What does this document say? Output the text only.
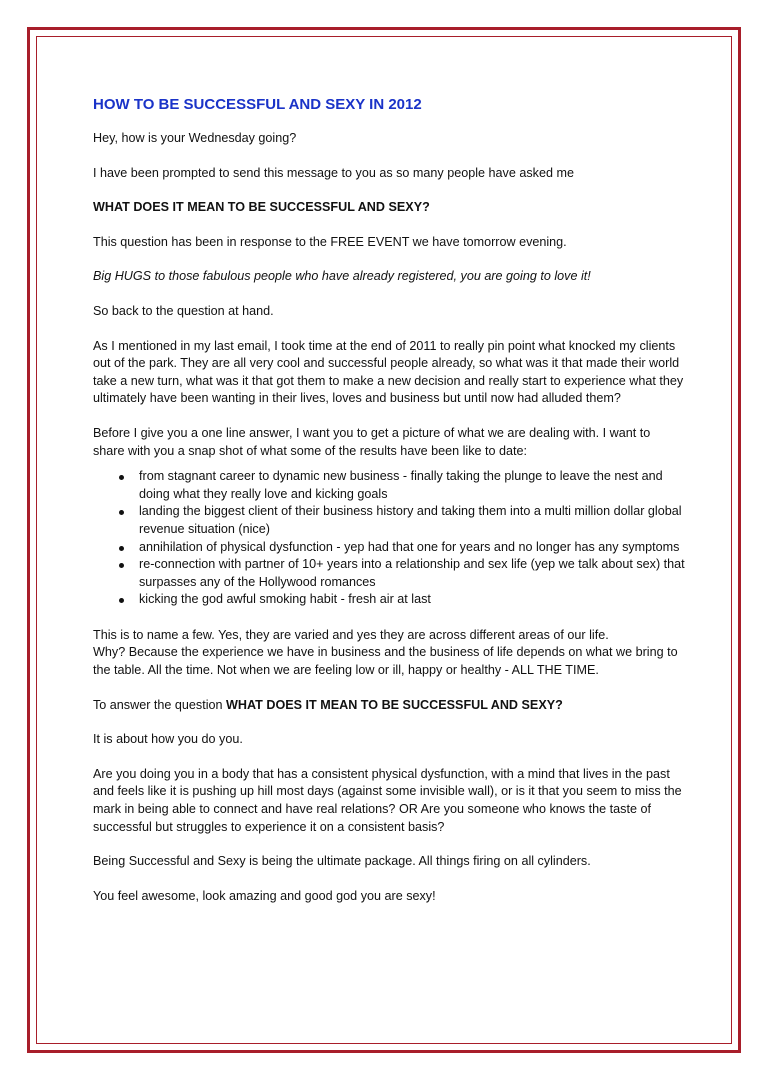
HOW TO BE SUCCESSFUL AND SEXY IN 2012

Hey, how is your Wednesday going?

I have been prompted to send this message to you as so many people have asked me

WHAT DOES IT MEAN TO BE SUCCESSFUL AND SEXY?

This question has been in response to the FREE EVENT we have tomorrow evening.

Big HUGS to those fabulous people who have already registered, you are going to love it!

So back to the question at hand.

As I mentioned in my last email, I took time at the end of 2011 to really pin point what knocked my clients out of the park. They are all very cool and successful people already, so what was it that made their world take a new turn, what was it that got them to make a new decision and really start to experience what they ultimately have been wanting in their lives, loves and business but until now had alluded them?

Before I give you a one line answer, I want you to get a picture of what we are dealing with. I want to share with you a snap shot of what some of the results have been like to date:

from stagnant career to dynamic new business - finally taking the plunge to leave the nest and doing what they really love and kicking goals
landing the biggest client of their business history and taking them into a multi million dollar global revenue situation (nice)
annihilation of physical dysfunction - yep had that one for years and no longer has any symptoms
re-connection with partner of 10+ years into a relationship and sex life (yep we talk about sex) that surpasses any of the Hollywood romances
kicking the god awful smoking habit - fresh air at last

This is to name a few. Yes, they are varied and yes they are across different areas of our life.

Why? Because the experience we have in business and the business of life depends on what we bring to the table. All the time. Not when we are feeling low or ill, happy or healthy - ALL THE TIME.

To answer the question WHAT DOES IT MEAN TO BE SUCCESSFUL AND SEXY?

It is about how you do you.

Are you doing you in a body that has a consistent physical dysfunction, with a mind that lives in the past and feels like it is pushing up hill most days (against some invisible wall), or is it that you seem to miss the mark in being able to connect and have real relations? OR Are you someone who knows the taste of successful but struggles to experience it on a consistent basis?

Being Successful and Sexy is being the ultimate package. All things firing on all cylinders.

You feel awesome, look amazing and good god you are sexy!
